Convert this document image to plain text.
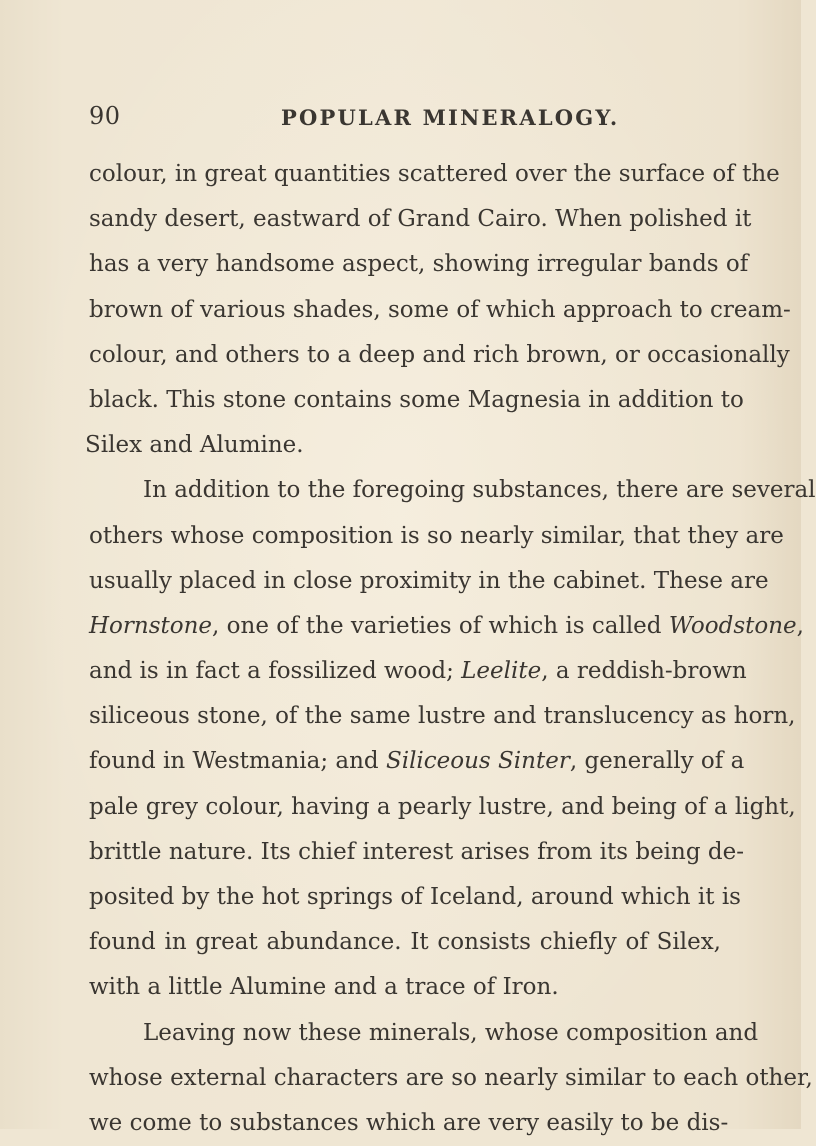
90	POPULAR MINERALOGY.
colour, in great quantities scattered over the surface of the
sandy desert, eastward of Grand Cairo. When polished it
has a very handsome aspect, showing irregular bands of
brown of various shades, some of which approach to cream-
colour, and others to a deep and rich brown, or occasionally
black. This stone contains some Magnesia in addition to
Silex and Alumine.
In addition to the foregoing substances, there are several
others whose composition is so nearly similar, that they are
usually placed in close proximity in the cabinet. These are
Hornstone, one of the varieties of which is called Woodstone,
and is in fact a fossilized wood; Leelite, a reddish-brown
siliceous stone, of the same lustre and translucency as horn,
found in Westmania; and Siliceous Sinter, generally of a
pale grey colour, having a pearly lustre, and being of a light,
brittle nature. Its chief interest arises from its being de-
posited by the hot springs of Iceland, around which it is
found in great abundance. It consists chiefly of Silex,
with a little Alumine and a trace of Iron.
Leaving now these minerals, whose composition and
whose external characters are so nearly similar to each other,
we come to substances which are very easily to be dis-
